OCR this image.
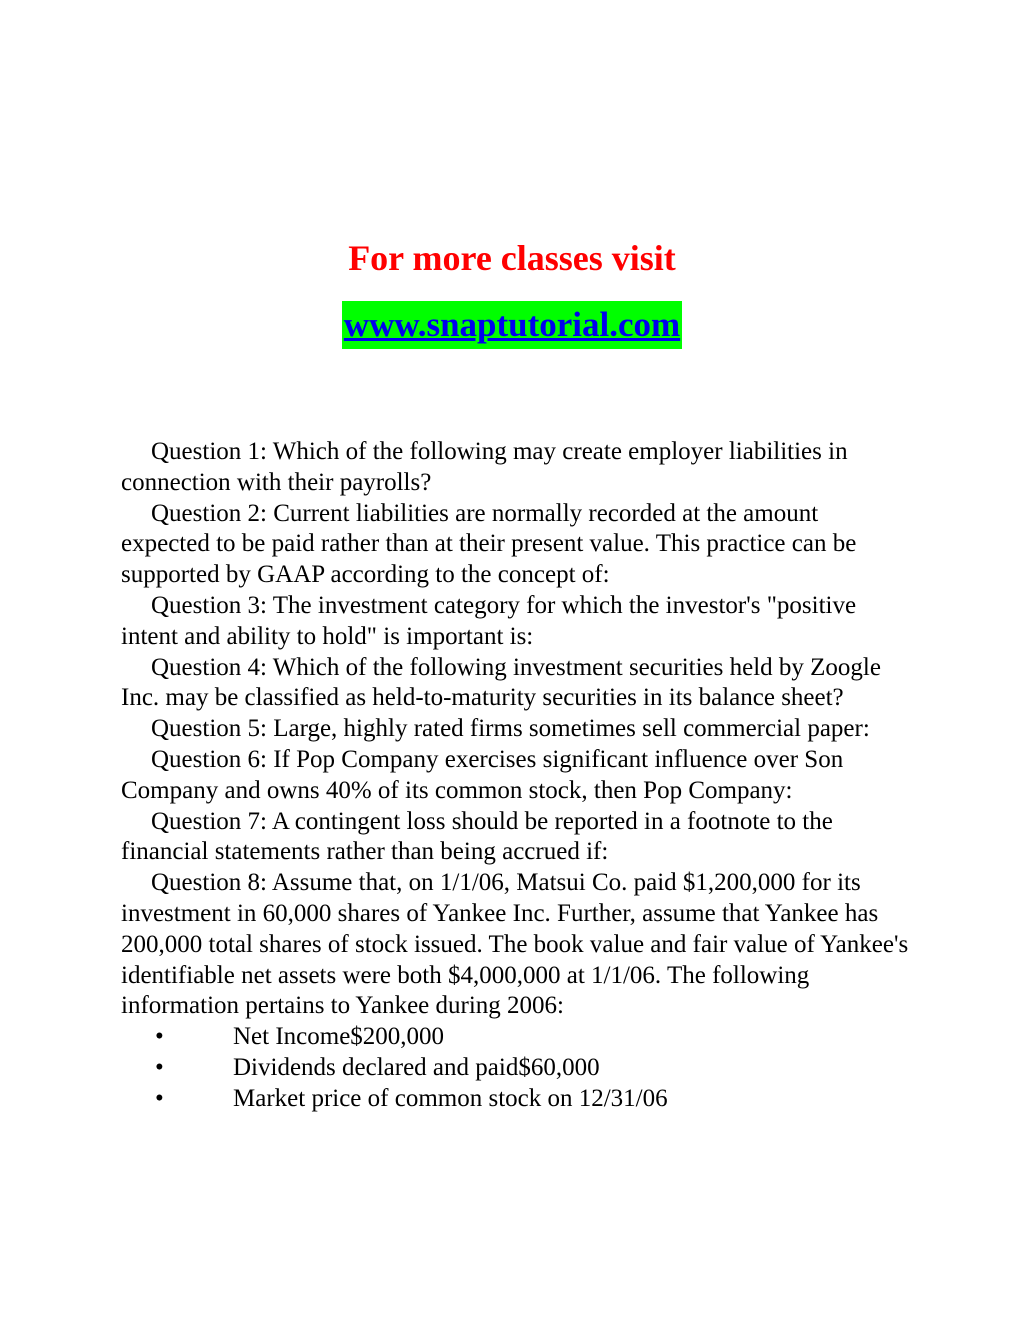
For more classes visit
www.snaptutorial.com

Question 1: Which of the following may create employer liabilities in connection with their payrolls?

Question 2: Current liabilities are normally recorded at the amount expected to be paid rather than at their present value. This practice can be supported by GAAP according to the concept of:

Question 3: The investment category for which the investor's "positive intent and ability to hold" is important is:

Question 4: Which of the following investment securities held by Zoogle Inc. may be classified as held-to-maturity securities in its balance sheet?

Question 5: Large, highly rated firms sometimes sell commercial paper:

Question 6: If Pop Company exercises significant influence over Son Company and owns 40% of its common stock, then Pop Company:

Question 7: A contingent loss should be reported in a footnote to the financial statements rather than being accrued if:

Question 8: Assume that, on 1/1/06, Matsui Co. paid $1,200,000 for its investment in 60,000 shares of Yankee Inc. Further, assume that Yankee has 200,000 total shares of stock issued. The book value and fair value of Yankee's identifiable net assets were both $4,000,000 at 1/1/06. The following information pertains to Yankee during 2006:

•	Net Income$200,000
•	Dividends declared and paid$60,000
•	Market price of common stock on 12/31/06
